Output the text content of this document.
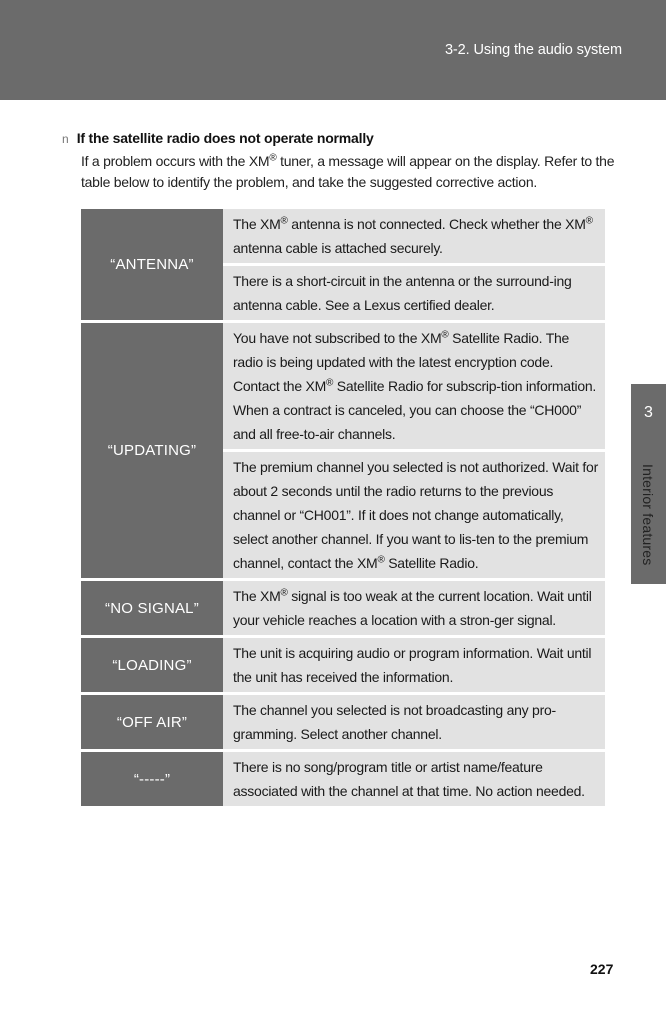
3-2. Using the audio system
3
Interior features
n If the satellite radio does not operate normally
If a problem occurs with the XM® tuner, a message will appear on the display. Refer to the table below to identify the problem, and take the suggested corrective action.
“ANTENNA”
The XM® antenna is not connected. Check whether the XM® antenna cable is attached securely.
There is a short-circuit in the antenna or the surround-ing antenna cable. See a Lexus certified dealer.
“UPDATING”
You have not subscribed to the XM® Satellite Radio. The radio is being updated with the latest encryption code. Contact the XM® Satellite Radio for subscrip-tion information. When a contract is canceled, you can choose the “CH000” and all free-to-air channels.
The premium channel you selected is not authorized. Wait for about 2 seconds until the radio returns to the previous channel or “CH001”. If it does not change automatically, select another channel. If you want to lis-ten to the premium channel, contact the XM® Satellite Radio.
“NO SIGNAL”
The XM® signal is too weak at the current location. Wait until your vehicle reaches a location with a stron-ger signal.
“LOADING”
The unit is acquiring audio or program information. Wait until the unit has received the information.
“OFF AIR”
The channel you selected is not broadcasting any pro-gramming. Select another channel.
“-----”
There is no song/program title or artist name/feature associated with the channel at that time. No action needed.
227
